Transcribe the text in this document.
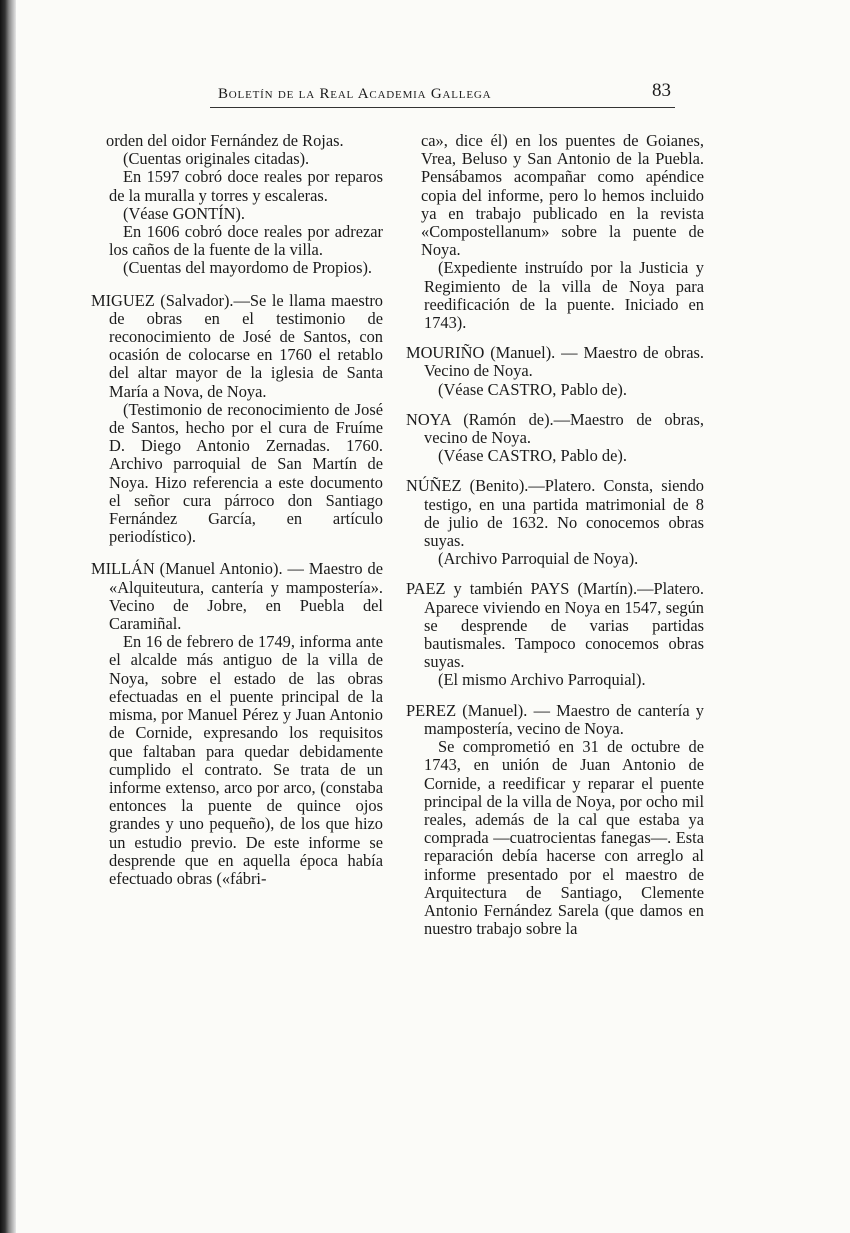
Boletín de la Real Academia Gallega	83

orden del oidor Fernández de Rojas.

(Cuentas originales citadas).

En 1597 cobró doce reales por reparos de la muralla y torres y escaleras.

(Véase GONTÍN).

En 1606 cobró doce reales por adrezar los caños de la fuente de la villa.

(Cuentas del mayordomo de Propios).

MIGUEZ (Salvador).—Se le llama maestro de obras en el testimonio de reconocimiento de José de Santos, con ocasión de colocarse en 1760 el retablo del altar mayor de la iglesia de Santa María a Nova, de Noya.

(Testimonio de reconocimiento de José de Santos, hecho por el cura de Fruíme D. Diego Antonio Zernadas. 1760. Archivo parroquial de San Martín de Noya. Hizo referencia a este documento el señor cura párroco don Santiago Fernández García, en artículo periodístico).

MILLÁN (Manuel Antonio). — Maestro de «Alquiteutura, cantería y mampostería». Vecino de Jobre, en Puebla del Caramiñal.

En 16 de febrero de 1749, informa ante el alcalde más antiguo de la villa de Noya, sobre el estado de las obras efectuadas en el puente principal de la misma, por Manuel Pérez y Juan Antonio de Cornide, expresando los requisitos que faltaban para quedar debidamente cumplido el contrato. Se trata de un informe extenso, arco por arco, (constaba entonces la puente de quince ojos grandes y uno pequeño), de los que hizo un estudio previo. De este informe se desprende que en aquella época había efectuado obras («fábri-

ca», dice él) en los puentes de Goianes, Vrea, Beluso y San Antonio de la Puebla. Pensábamos acompañar como apéndice copia del informe, pero lo hemos incluido ya en trabajo publicado en la revista «Compostellanum» sobre la puente de Noya.

(Expediente instruído por la Justicia y Regimiento de la villa de Noya para reedificación de la puente. Iniciado en 1743).

MOURIÑO (Manuel). — Maestro de obras. Vecino de Noya.

(Véase CASTRO, Pablo de).

NOYA (Ramón de).—Maestro de obras, vecino de Noya.

(Véase CASTRO, Pablo de).

NÚÑEZ (Benito).—Platero. Consta, siendo testigo, en una partida matrimonial de 8 de julio de 1632. No conocemos obras suyas.

(Archivo Parroquial de Noya).

PAEZ y también PAYS (Martín).—Platero. Aparece viviendo en Noya en 1547, según se desprende de varias partidas bautismales. Tampoco conocemos obras suyas.

(El mismo Archivo Parroquial).

PEREZ (Manuel). — Maestro de cantería y mampostería, vecino de Noya.

Se comprometió en 31 de octubre de 1743, en unión de Juan Antonio de Cornide, a reedificar y reparar el puente principal de la villa de Noya, por ocho mil reales, además de la cal que estaba ya comprada —cuatrocientas fanegas—. Esta reparación debía hacerse con arreglo al informe presentado por el maestro de Arquitectura de Santiago, Clemente Antonio Fernández Sarela (que damos en nuestro trabajo sobre la
